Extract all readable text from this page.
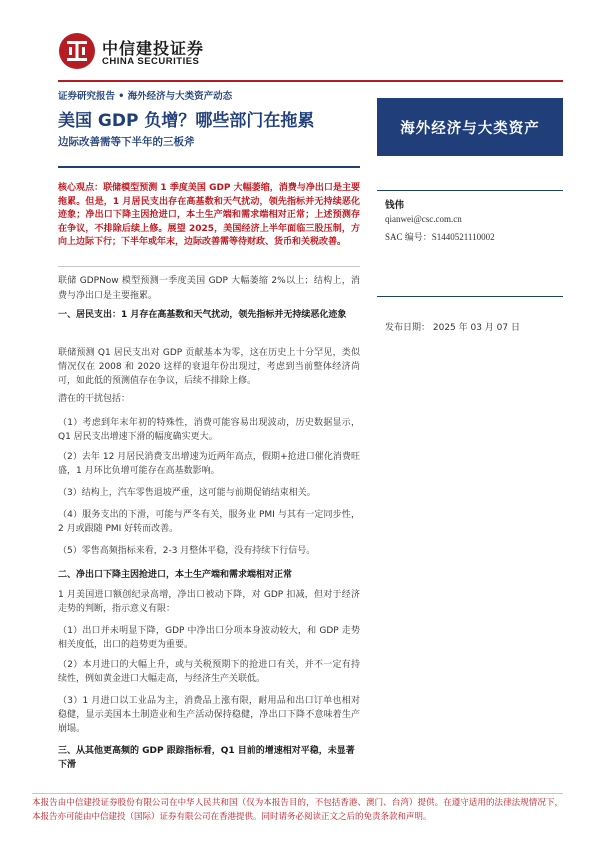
中信建投证券
CHINA SECURITIES
证券研究报告 • 海外经济与大类资产动态
美国 GDP 负增？哪些部门在拖累
边际改善需等下半年的三板斧
海外经济与大类资产
核心观点：联储模型预测 1 季度美国 GDP 大幅萎缩，消费与净出口是主要拖累。但是，1 月居民支出存在高基数和天气扰动，领先指标并无持续恶化迹象；净出口下降主因抢进口，本土生产端和需求端相对正常；上述预测存在争议，不排除后续上修。展望 2025，美国经济上半年面临三股压制，方向上边际下行；下半年或年末，边际改善需等待财政、货币和关税改善。
联储 GDPNow 模型预测一季度美国 GDP 大幅萎缩 2%以上；结构上，消费与净出口是主要拖累。
一、居民支出：1 月存在高基数和天气扰动，领先指标并无持续恶化迹象
联储预测 Q1 居民支出对 GDP 贡献基本为零，这在历史上十分罕见，类似情况仅在 2008 和 2020 这样的衰退年份出现过，考虑到当前整体经济尚可，如此低的预测值存在争议，后续不排除上修。
潜在的干扰包括：
（1）考虑到年末年初的特殊性，消费可能容易出现波动，历史数据显示，Q1 居民支出增速下滑的幅度确实更大。
（2）去年 12 月居民消费支出增速为近两年高点，假期+抢进口催化消费旺盛，1 月环比负增可能存在高基数影响。
（3）结构上，汽车零售退坡严重，这可能与前期促销结束相关。
（4）服务支出的下滑，可能与严冬有关，服务业 PMI 与其有一定同步性，2 月或跟随 PMI 好转而改善。
（5）零售高频指标来看，2-3 月整体平稳，没有持续下行信号。
二、净出口下降主因抢进口，本土生产端和需求端相对正常
1 月美国进口额创纪录高增，净出口被动下降，对 GDP 扣减，但对于经济走势的判断，指示意义有限：
（1）出口并未明显下降，GDP 中净出口分项本身波动较大，和 GDP 走势相关度低，出口的趋势更为重要。
（2）本月进口的大幅上升，或与关税预期下的抢进口有关，并不一定有持续性，例如黄金进口大幅走高，与经济生产关联低。
（3）1 月进口以工业品为主，消费品上涨有限，耐用品和出口订单也相对稳健，显示美国本土制造业和生产活动保持稳健，净出口下降不意味着生产崩塌。
三、从其他更高频的 GDP 跟踪指标看，Q1 目前的增速相对平稳，未显著下滑
钱伟
qianwei@csc.com.cn
SAC 编号：S1440521110002
发布日期： 2025 年 03 月 07 日
本报告由中信建投证券股份有限公司在中华人民共和国（仅为本报告目的，不包括香港、澳门、台湾）提供。在遵守适用的法律法规情况下，本报告亦可能由中信建投（国际）证券有限公司在香港提供。同时请务必阅读正文之后的免责条款和声明。
